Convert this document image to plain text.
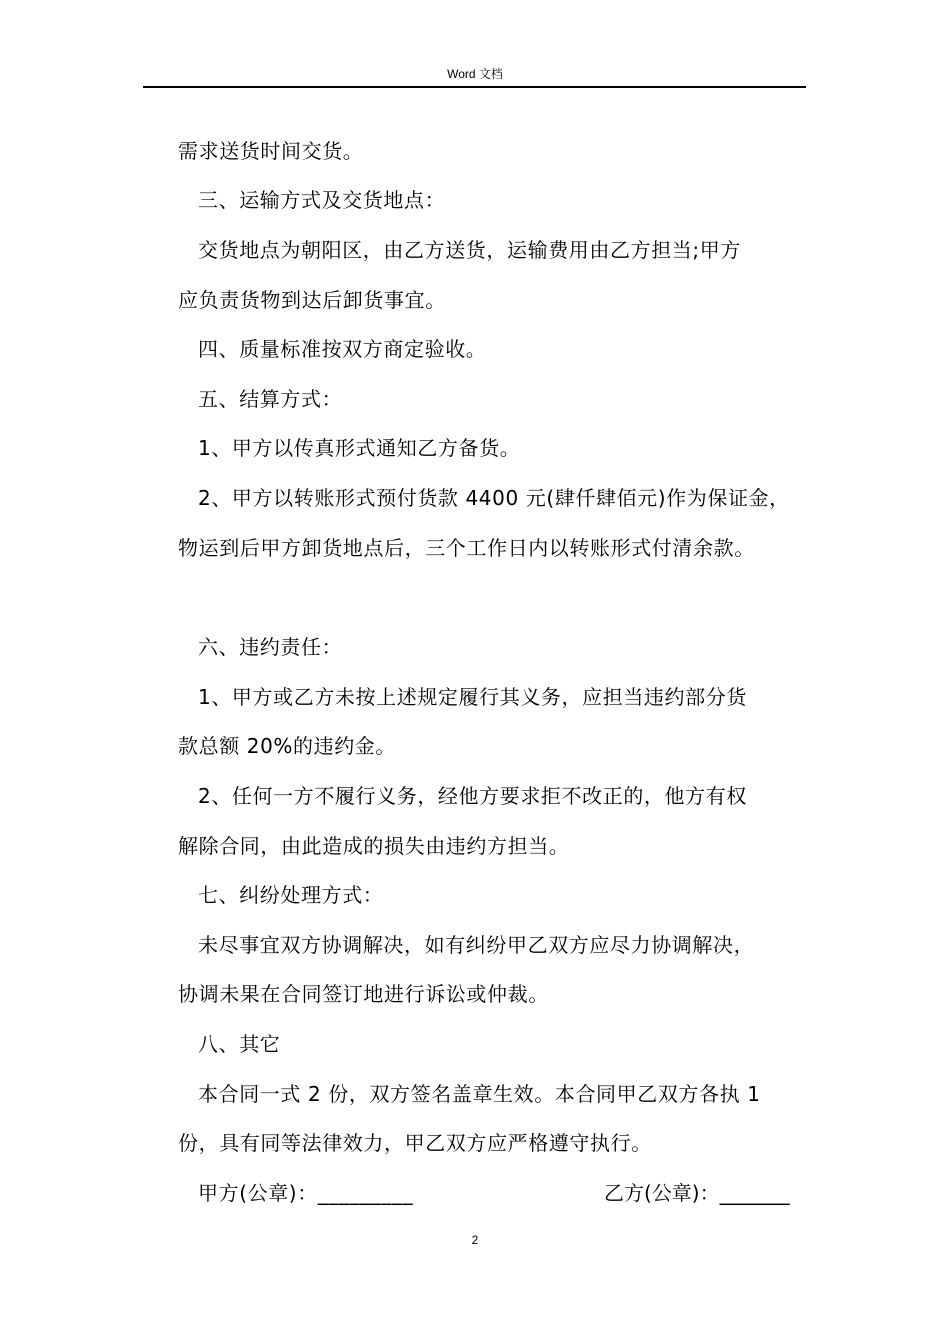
Word 文档
需求送货时间交货。
三、运输方式及交货地点：
交货地点为朝阳区，由乙方送货，运输费用由乙方担当;甲方
应负责货物到达后卸货事宜。
四、质量标准按双方商定验收。
五、结算方式：
1、甲方以传真形式通知乙方备货。
2、甲方以转账形式预付货款 4400 元(肆仟肆佰元)作为保证金，
物运到后甲方卸货地点后，三个工作日内以转账形式付清余款。
六、违约责任：
1、甲方或乙方未按上述规定履行其义务，应担当违约部分货
款总额 20%的违约金。
2、任何一方不履行义务，经他方要求拒不改正的，他方有权
解除合同，由此造成的损失由违约方担当。
七、纠纷处理方式：
未尽事宜双方协调解决，如有纠纷甲乙双方应尽力协调解决，
协调未果在合同签订地进行诉讼或仲裁。
八、其它
本合同一式 2 份，双方签名盖章生效。本合同甲乙双方各执 1
份，具有同等法律效力，甲乙双方应严格遵守执行。
甲方(公章)：_________	乙方(公章)：_______
2
